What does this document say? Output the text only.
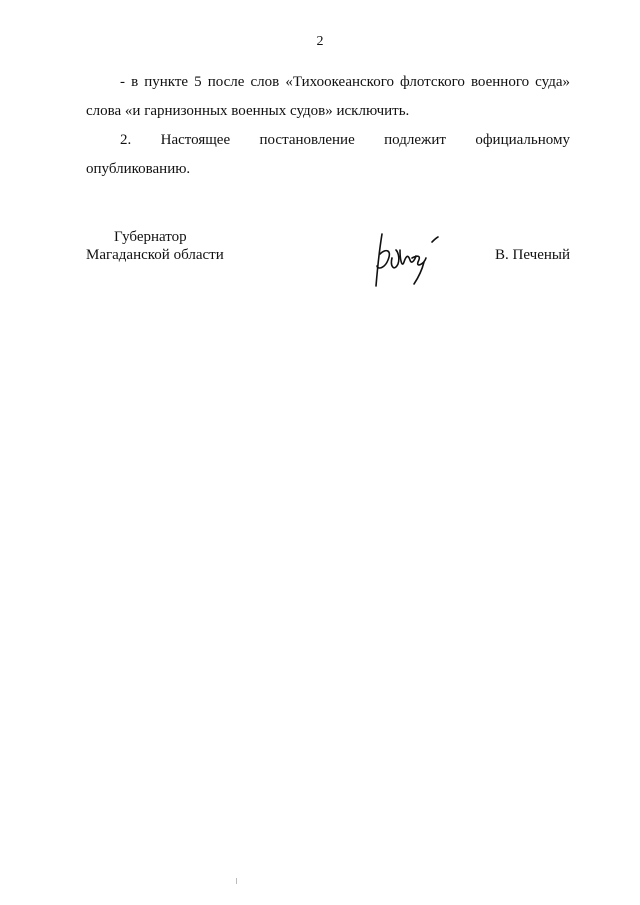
2

- в пункте 5 после слов «Тихоокеанского флотского военного суда» слова «и гарнизонных военных судов» исключить.

2. Настоящее постановление подлежит официальному опубликованию.

Губернатор
Магаданской области	В. Печеный
